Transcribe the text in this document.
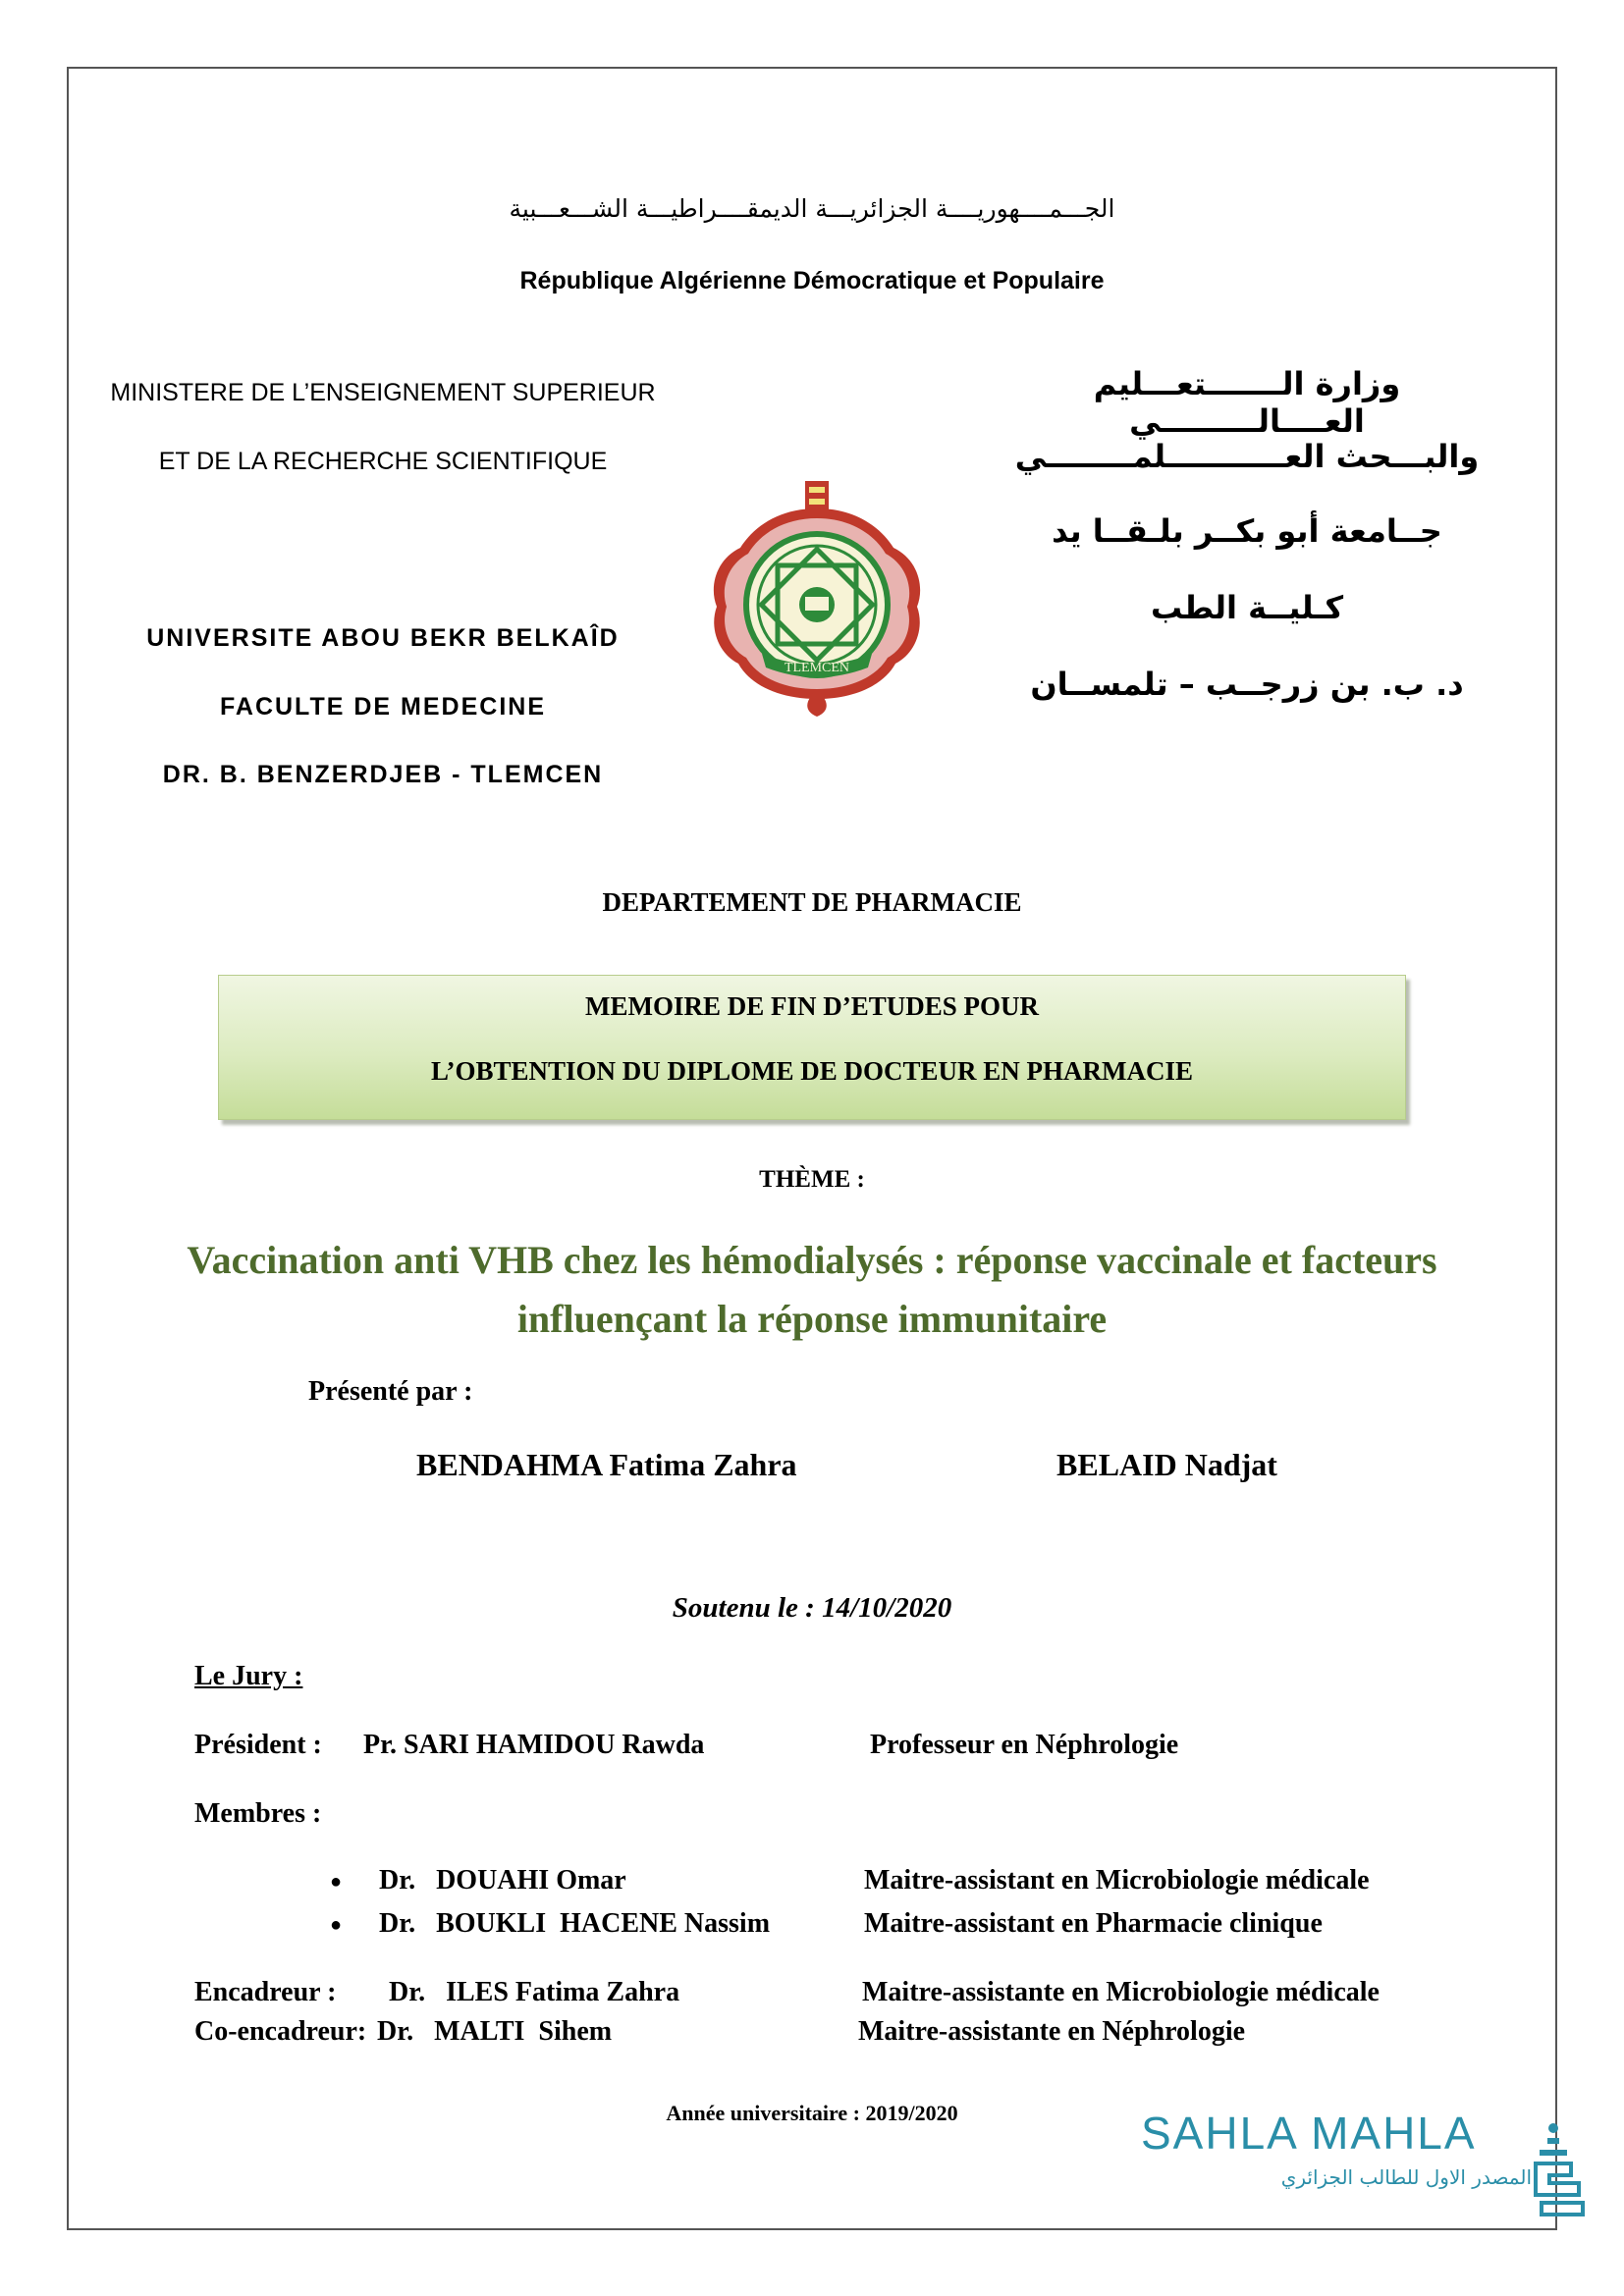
الجـــمــــهوريــــة الجزائريـــة الديمقــــراطيـــة الشـــعـــبية
République Algérienne Démocratique et Populaire
MINISTERE DE L’ENSEIGNEMENT SUPERIEUR
ET DE LA RECHERCHE SCIENTIFIQUE
UNIVERSITE ABOU BEKR BELKAÎD
FACULTE DE MEDECINE
DR. B. BENZERDJEB - TLEMCEN
وزارة الـــــــتعـــليم العــــالـــــــــي
والبـــحث العـــــــــــلمــــــــي
جــامعة أبو بكــر بلـقــا يد
كـليــة الطب
د. ب. بن زرجــب – تلمســان
TLEMCEN
DEPARTEMENT DE PHARMACIE
MEMOIRE DE FIN D’ETUDES POUR
L’OBTENTION DU DIPLOME DE DOCTEUR EN PHARMACIE
THÈME :
Vaccination anti VHB chez les hémodialysés : réponse vaccinale et facteurs influençant la réponse immunitaire
Présenté par :
BENDAHMA Fatima Zahra	BELAID Nadjat
Soutenu le : 14/10/2020
Le Jury :
Président : Pr. SARI HAMIDOU Rawda	Professeur en Néphrologie
Membres :
● Dr.   DOUAHI Omar	Maitre-assistant en Microbiologie médicale
● Dr.   BOUKLI  HACENE Nassim	Maitre-assistant en Pharmacie clinique
Encadreur : Dr.   ILES Fatima Zahra	Maitre-assistante en Microbiologie médicale
Co-encadreur: Dr.   MALTI  Sihem	Maitre-assistante en Néphrologie
Année universitaire : 2019/2020	SAHLA MAHLA
المصدر الاول للطالب الجزائري
